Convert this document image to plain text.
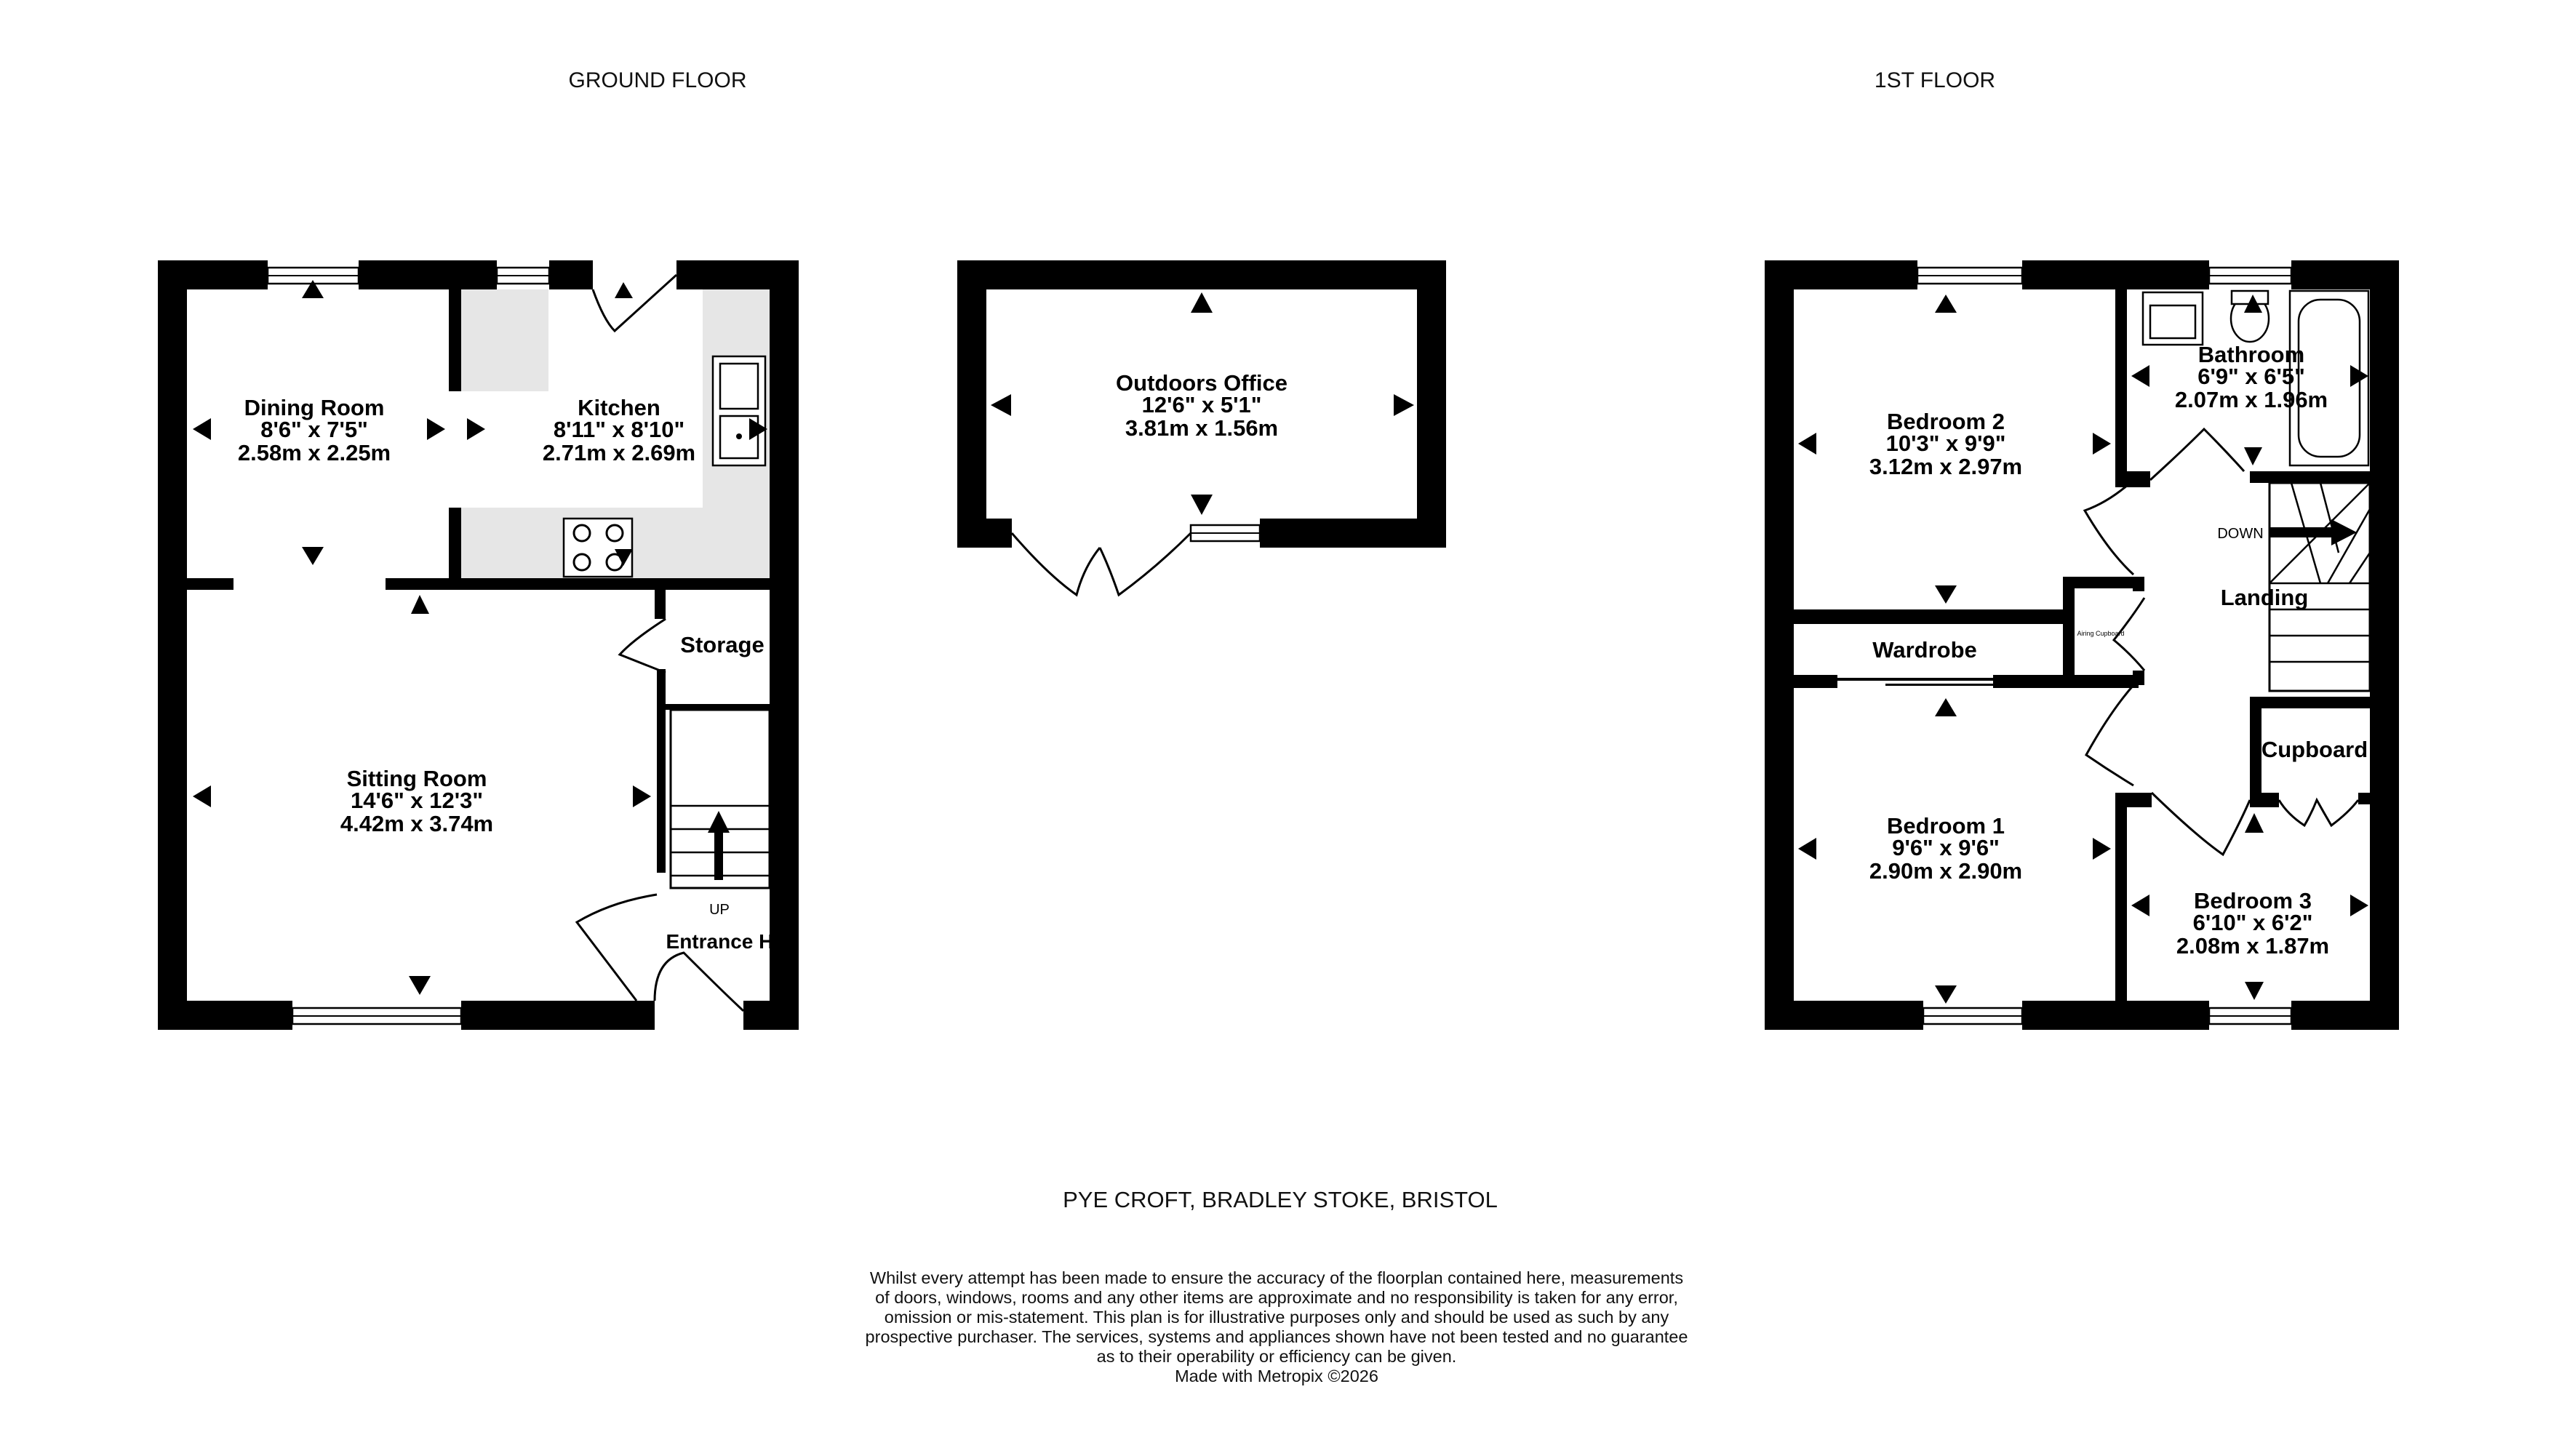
GROUND FLOOR	1ST FLOOR
Dining Room
8'6" x 7'5"
2.58m x 2.25m
Kitchen
8'11" x 8'10"
2.71m x 2.69m
Sitting Room
14'6" x 12'3"
4.42m x 3.74m
Storage
UP
Entrance Hall
Outdoors Office
12'6" x 5'1"
3.81m x 1.56m	Bedroom 2
10'3" x 9'9"
3.12m x 2.97m
Bathroom
6'9" x 6'5"
2.07m x 1.96m
Bedroom 1
9'6" x 9'6"
2.90m x 2.90m
Bedroom 3
6'10" x 6'2"
2.08m x 1.87m
DOWN
Landing
Wardrobe
Airing Cupboard
Cupboard
PYE CROFT, BRADLEY STOKE, BRISTOL
Whilst every attempt has been made to ensure the accuracy of the floorplan contained here, measurements
of doors, windows, rooms and any other items are approximate and no responsibility is taken for any error,
omission or mis-statement. This plan is for illustrative purposes only and should be used as such by any
prospective purchaser. The services, systems and appliances shown have not been tested and no guarantee
as to their operability or efficiency can be given.
Made with Metropix ©2026
